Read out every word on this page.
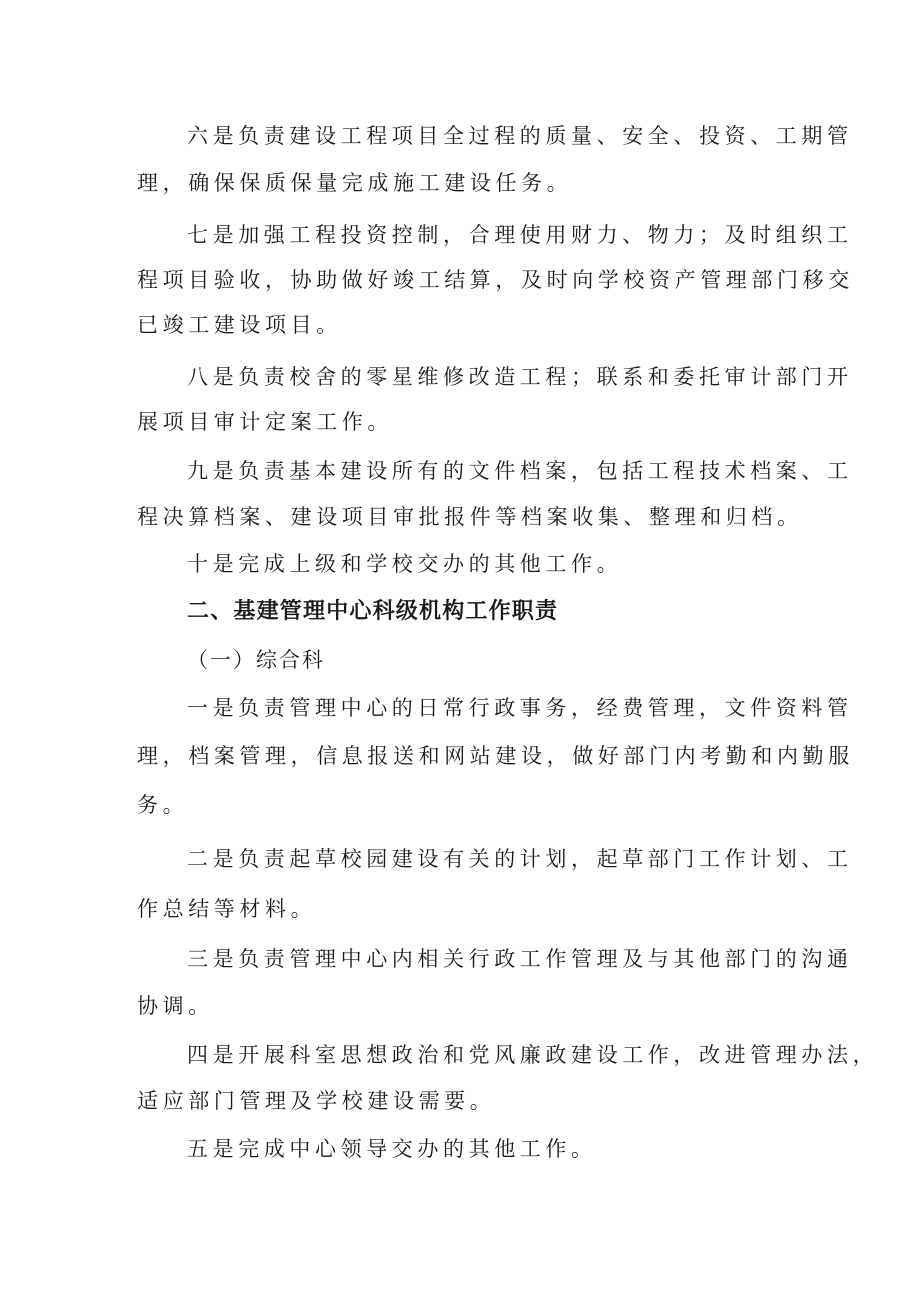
六是负责建设工程项目全过程的质量、安全、投资、工期管
理，确保保质保量完成施工建设任务。
七是加强工程投资控制，合理使用财力、物力；及时组织工
程项目验收，协助做好竣工结算，及时向学校资产管理部门移交
已竣工建设项目。
八是负责校舍的零星维修改造工程；联系和委托审计部门开
展项目审计定案工作。
九是负责基本建设所有的文件档案，包括工程技术档案、工
程决算档案、建设项目审批报件等档案收集、整理和归档。
十是完成上级和学校交办的其他工作。
二、基建管理中心科级机构工作职责
（一）综合科
一是负责管理中心的日常行政事务，经费管理，文件资料管
理，档案管理，信息报送和网站建设，做好部门内考勤和内勤服
务。
二是负责起草校园建设有关的计划，起草部门工作计划、工
作总结等材料。
三是负责管理中心内相关行政工作管理及与其他部门的沟通
协调。
四是开展科室思想政治和党风廉政建设工作，改进管理办法，
适应部门管理及学校建设需要。
五是完成中心领导交办的其他工作。
